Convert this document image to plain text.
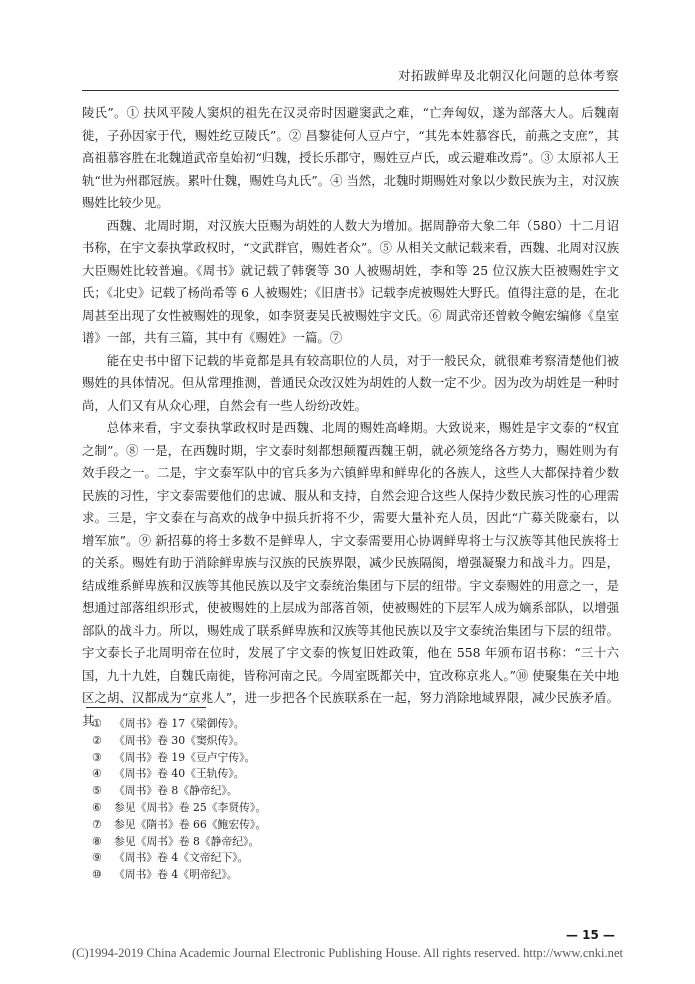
对拓跋鲜卑及北朝汉化问题的总体考察

陵氏”。① 扶风平陵人窦炽的祖先在汉灵帝时因避窦武之难，“亡奔匈奴，遂为部落大人。后魏南徙，子孙因家于代，赐姓纥豆陵氏”。② 昌黎徒何人豆卢宁，“其先本姓慕容氏，前燕之支庶”，其高祖慕容胜在北魏道武帝皇始初“归魏，授长乐郡守，赐姓豆卢氏，或云避难改焉”。③ 太原祁人王轨“世为州郡冠族。累叶仕魏，赐姓乌丸氏”。④ 当然，北魏时期赐姓对象以少数民族为主，对汉族赐姓比较少见。

西魏、北周时期，对汉族大臣赐为胡姓的人数大为增加。据周静帝大象二年（580）十二月诏书称，在宇文泰执掌政权时，“文武群官，赐姓者众”。⑤ 从相关文献记载来看，西魏、北周对汉族大臣赐姓比较普遍。《周书》就记载了韩褒等 30 人被赐胡姓，李和等 25 位汉族大臣被赐姓宇文氏；《北史》记载了杨尚希等 6 人被赐姓；《旧唐书》记载李虎被赐姓大野氏。值得注意的是，在北周甚至出现了女性被赐姓的现象，如李贤妻吴氏被赐姓宇文氏。⑥ 周武帝还曾敕令鲍宏编修《皇室谱》一部，共有三篇，其中有《赐姓》一篇。⑦

能在史书中留下记载的毕竟都是具有较高职位的人员，对于一般民众，就很难考察清楚他们被赐姓的具体情况。但从常理推测，普通民众改汉姓为胡姓的人数一定不少。因为改为胡姓是一种时尚，人们又有从众心理，自然会有一些人纷纷改姓。

总体来看，宇文泰执掌政权时是西魏、北周的赐姓高峰期。大致说来，赐姓是宇文泰的“权宜之制”。⑧ 一是，在西魏时期，宇文泰时刻都想颠覆西魏王朝，就必须笼络各方势力，赐姓则为有效手段之一。二是，宇文泰军队中的官兵多为六镇鲜卑和鲜卑化的各族人，这些人大都保持着少数民族的习性，宇文泰需要他们的忠诚、服从和支持，自然会迎合这些人保持少数民族习性的心理需求。三是，宇文泰在与高欢的战争中损兵折将不少，需要大量补充人员，因此“广募关陇豪右，以增军旅”。⑨ 新招募的将士多数不是鲜卑人，宇文泰需要用心协调鲜卑将士与汉族等其他民族将士的关系。赐姓有助于消除鲜卑族与汉族的民族界限，减少民族隔阂，增强凝聚力和战斗力。四是，结成维系鲜卑族和汉族等其他民族以及宇文泰统治集团与下层的纽带。宇文泰赐姓的用意之一，是想通过部落组织形式，使被赐姓的上层成为部落首领，使被赐姓的下层军人成为嫡系部队，以增强部队的战斗力。所以，赐姓成了联系鲜卑族和汉族等其他民族以及宇文泰统治集团与下层的纽带。宇文泰长子北周明帝在位时，发展了宇文泰的恢复旧姓政策，他在 558 年颁布诏书称：“三十六国，九十九姓，自魏氏南徙，皆称河南之民。今周室既都关中，宜改称京兆人。”⑩ 使聚集在关中地区之胡、汉都成为“京兆人”，进一步把各个民族联系在一起，努力消除地域界限，减少民族矛盾。其

① 《周书》卷 17《梁御传》。
② 《周书》卷 30《窦炽传》。
③ 《周书》卷 19《豆卢宁传》。
④ 《周书》卷 40《王轨传》。
⑤ 《周书》卷 8《静帝纪》。
⑥ 参见《周书》卷 25《李贤传》。
⑦ 参见《隋书》卷 66《鲍宏传》。
⑧ 参见《周书》卷 8《静帝纪》。
⑨ 《周书》卷 4《文帝纪下》。
⑩ 《周书》卷 4《明帝纪》。
— 15 —
(C)1994-2019 China Academic Journal Electronic Publishing House. All rights reserved. http://www.cnki.net
